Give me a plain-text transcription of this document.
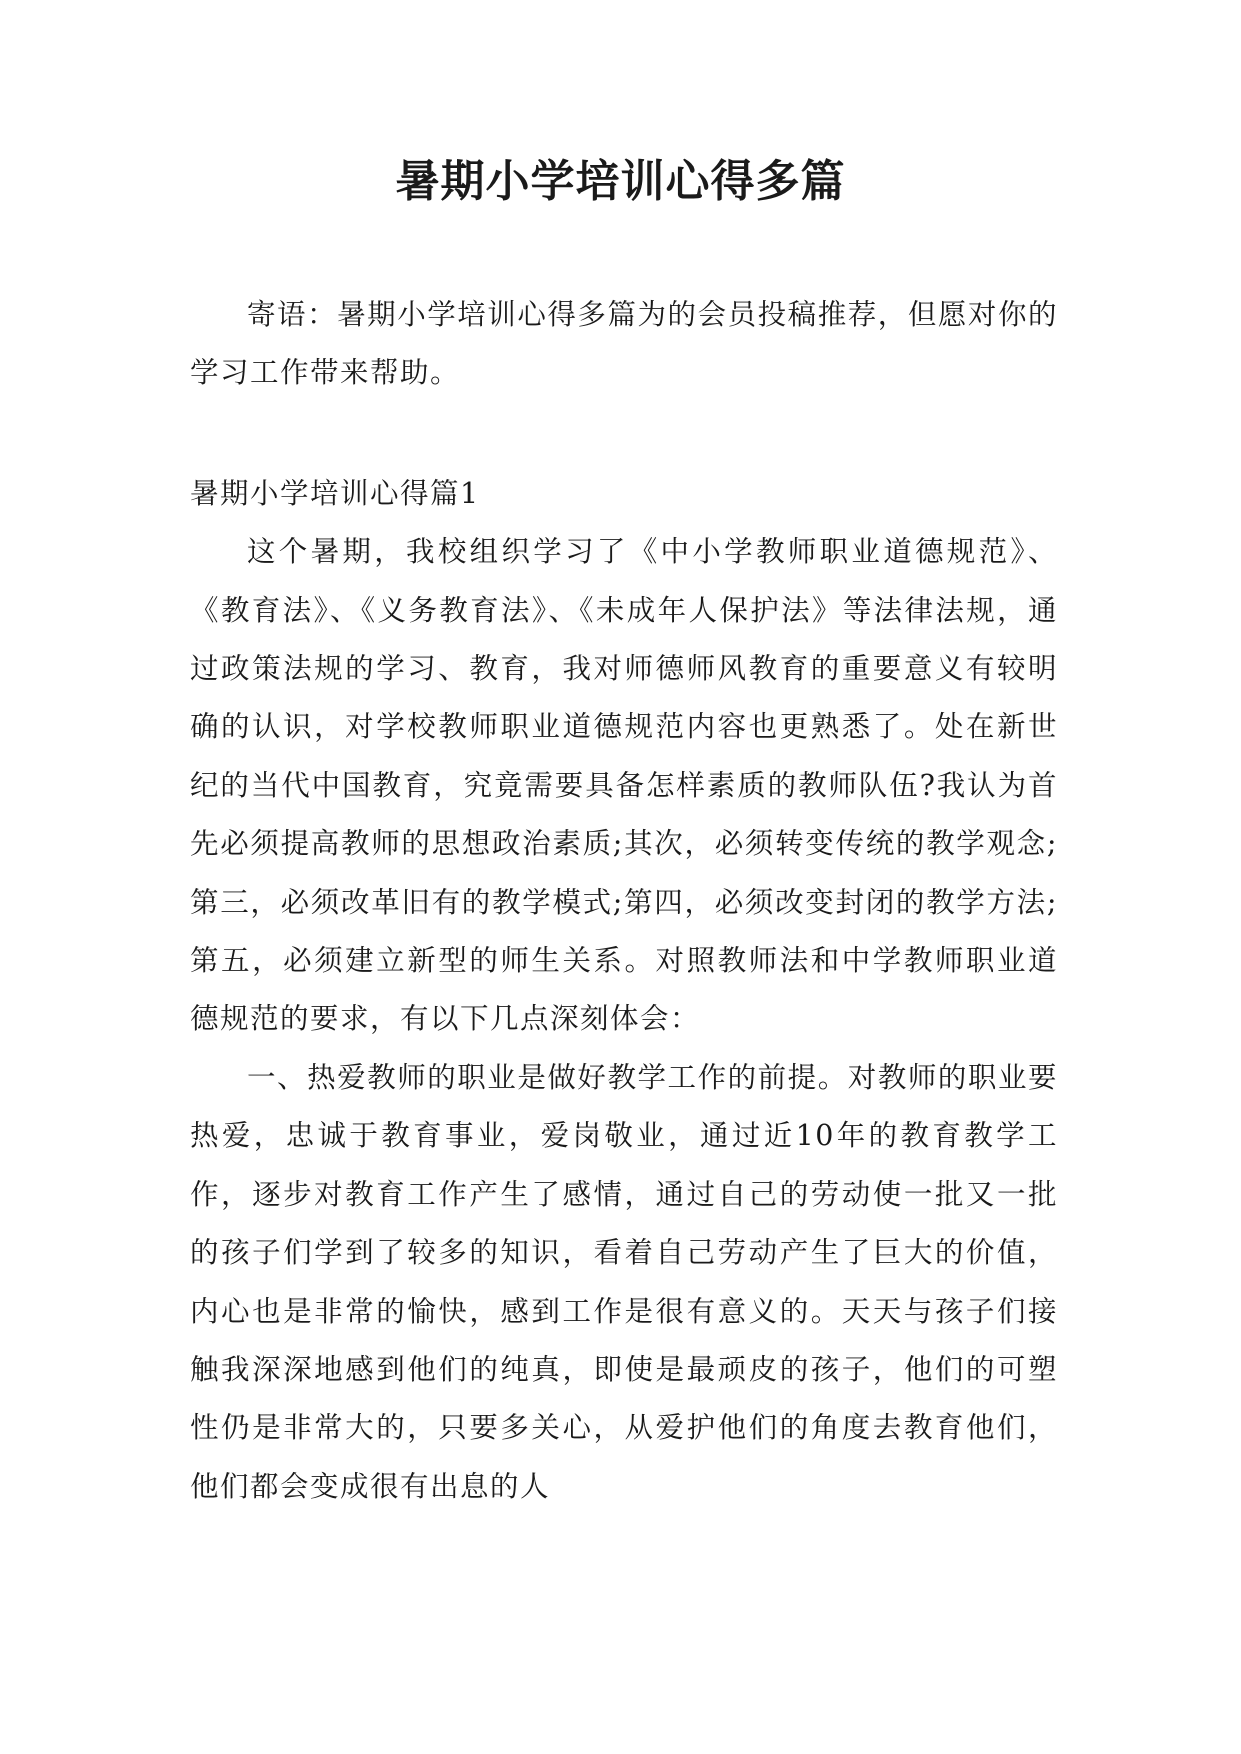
暑期小学培训心得多篇

寄语：暑期小学培训心得多篇为的会员投稿推荐，但愿对你的学习工作带来帮助。

暑期小学培训心得篇1

这个暑期，我校组织学习了《中小学教师职业道德规范》、《教育法》、《义务教育法》、《未成年人保护法》等法律法规，通过政策法规的学习、教育，我对师德师风教育的重要意义有较明确的认识，对学校教师职业道德规范内容也更熟悉了。处在新世纪的当代中国教育，究竟需要具备怎样素质的教师队伍?我认为首先必须提高教师的思想政治素质;其次，必须转变传统的教学观念;第三，必须改革旧有的教学模式;第四，必须改变封闭的教学方法;第五，必须建立新型的师生关系。对照教师法和中学教师职业道德规范的要求，有以下几点深刻体会：

一、热爱教师的职业是做好教学工作的前提。对教师的职业要热爱，忠诚于教育事业，爱岗敬业，通过近10年的教育教学工作，逐步对教育工作产生了感情，通过自己的劳动使一批又一批的孩子们学到了较多的知识，看着自己劳动产生了巨大的价值，内心也是非常的愉快，感到工作是很有意义的。天天与孩子们接触我深深地感到他们的纯真，即使是最顽皮的孩子，他们的可塑性仍是非常大的，只要多关心，从爱护他们的角度去教育他们，他们都会变成很有出息的人
